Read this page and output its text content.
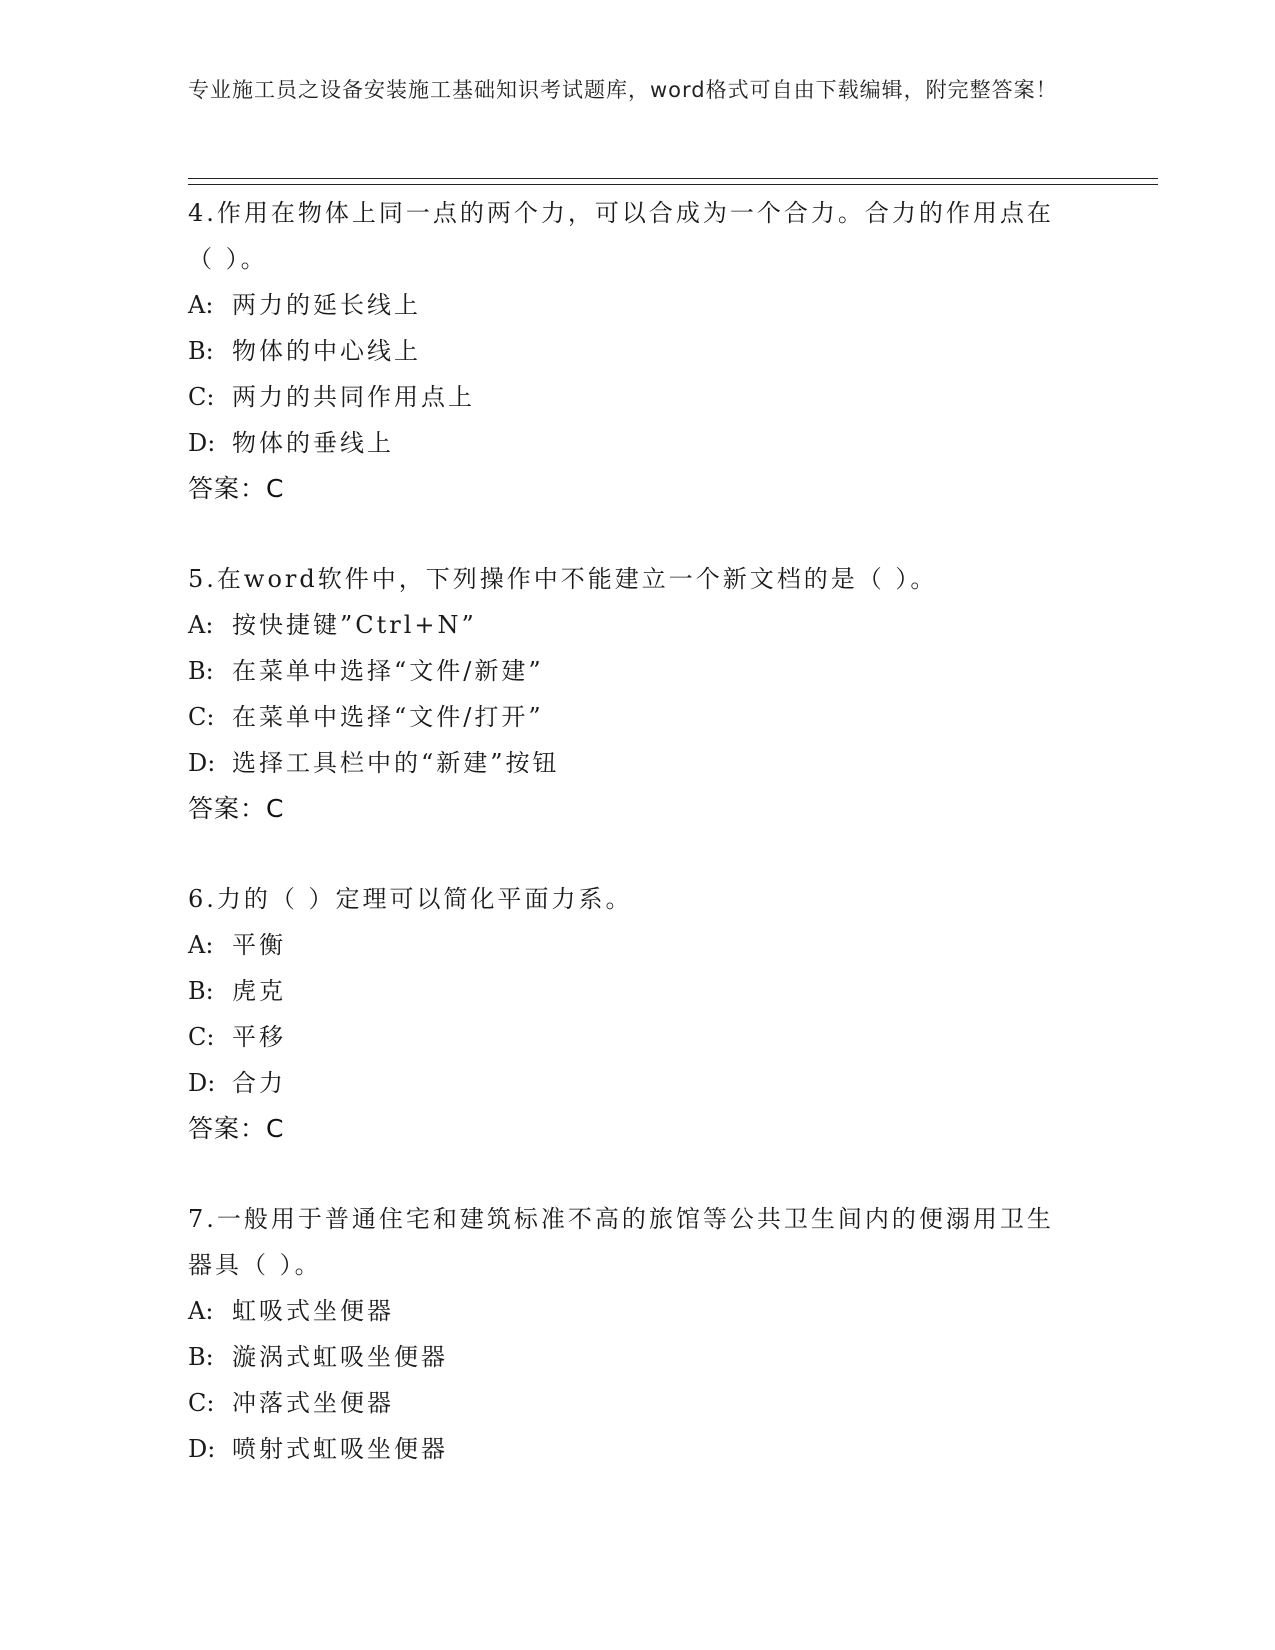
专业施工员之设备安装施工基础知识考试题库，word格式可自由下载编辑，附完整答案！
4.作用在物体上同一点的两个力，可以合成为一个合力。合力的作用点在（ ）。
A: 两力的延长线上
B: 物体的中心线上
C: 两力的共同作用点上
D: 物体的垂线上
答案：C
5.在word软件中，下列操作中不能建立一个新文档的是（ ）。
A: 按快捷键”Ctrl+N”
B: 在菜单中选择“文件/新建”
C: 在菜单中选择“文件/打开”
D: 选择工具栏中的“新建”按钮
答案：C
6.力的（ ）定理可以简化平面力系。
A: 平衡
B: 虎克
C: 平移
D: 合力
答案：C
7.一般用于普通住宅和建筑标准不高的旅馆等公共卫生间内的便溺用卫生器具（ ）。
A: 虹吸式坐便器
B: 漩涡式虹吸坐便器
C: 冲落式坐便器
D: 喷射式虹吸坐便器
